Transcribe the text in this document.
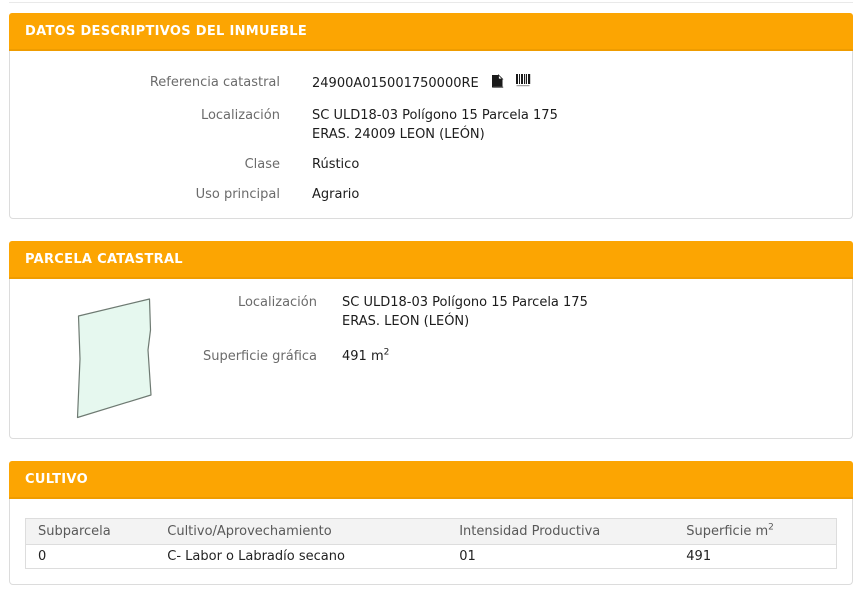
DATOS DESCRIPTIVOS DEL INMUEBLE
Referencia catastral 24900A015001750000RE
Localización SC ULD18-03 Polígono 15 Parcela 175
ERAS. 24009 LEON (LEÓN)
Clase Rústico
Uso principal Agrario
PARCELA CATASTRAL
Localización SC ULD18-03 Polígono 15 Parcela 175
ERAS. LEON (LEÓN)
Superficie gráfica 491 $m^2$
CULTIVO
Subparcela	Cultivo/Aprovechamiento	Intensidad Productiva	Superficie $m^2$
0	C- Labor o Labradío secano	01	491
